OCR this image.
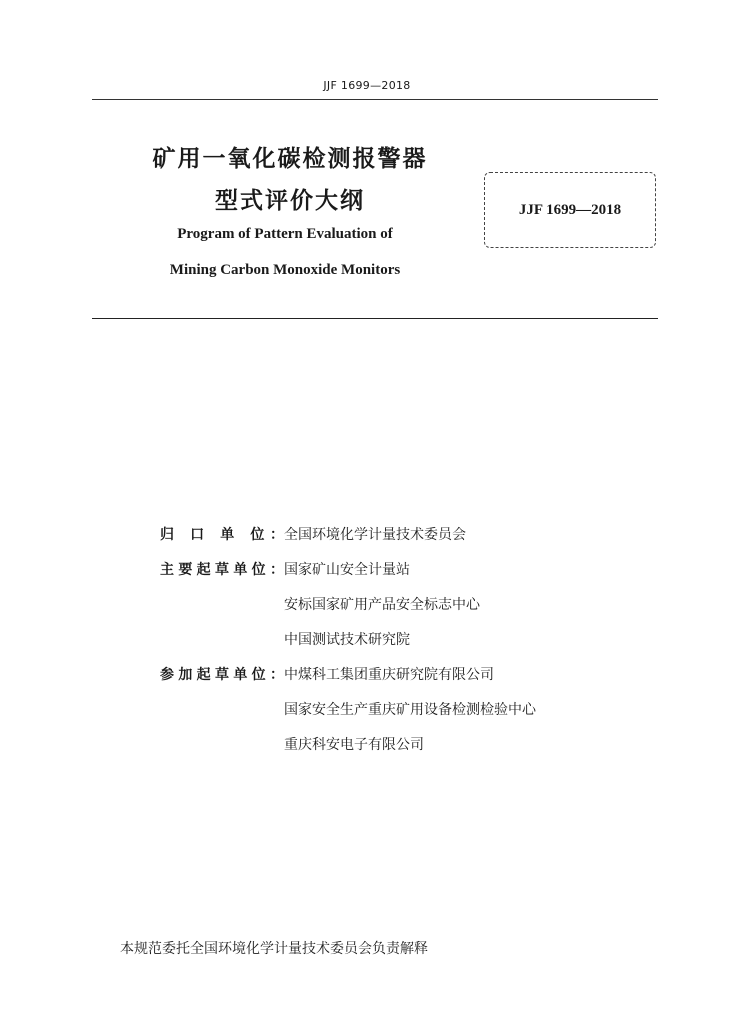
JJF 1699—2018
矿用一氧化碳检测报警器
型式评价大纲
Program of Pattern Evaluation of
Mining Carbon Monoxide Monitors
JJF 1699—2018
归 口 单 位： 全国环境化学计量技术委员会
主要起草单位： 国家矿山安全计量站
安标国家矿用产品安全标志中心
中国测试技术研究院
参加起草单位： 中煤科工集团重庆研究院有限公司
国家安全生产重庆矿用设备检测检验中心
重庆科安电子有限公司
本规范委托全国环境化学计量技术委员会负责解释
